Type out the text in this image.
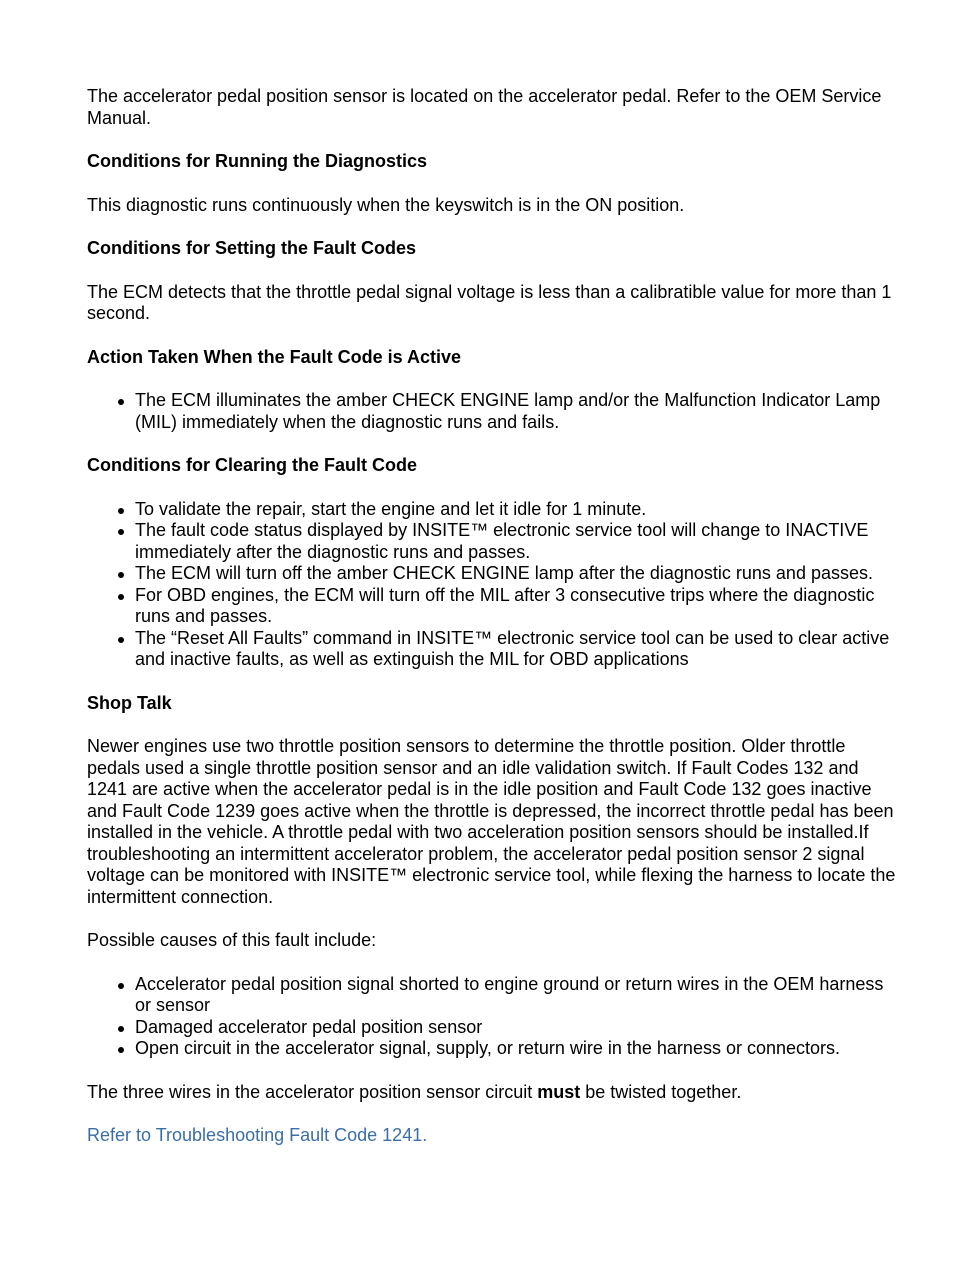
The accelerator pedal position sensor is located on the accelerator pedal. Refer to the OEM Service Manual.

Conditions for Running the Diagnostics

This diagnostic runs continuously when the keyswitch is in the ON position.

Conditions for Setting the Fault Codes

The ECM detects that the throttle pedal signal voltage is less than a calibratible value for more than 1 second.

Action Taken When the Fault Code is Active
The ECM illuminates the amber CHECK ENGINE lamp and/or the Malfunction Indicator Lamp (MIL) immediately when the diagnostic runs and fails.
Conditions for Clearing the Fault Code
To validate the repair, start the engine and let it idle for 1 minute.
The fault code status displayed by INSITE™ electronic service tool will change to INACTIVE immediately after the diagnostic runs and passes.
The ECM will turn off the amber CHECK ENGINE lamp after the diagnostic runs and passes.
For OBD engines, the ECM will turn off the MIL after 3 consecutive trips where the diagnostic runs and passes.
The “Reset All Faults” command in INSITE™ electronic service tool can be used to clear active and inactive faults, as well as extinguish the MIL for OBD applications
Shop Talk

Newer engines use two throttle position sensors to determine the throttle position. Older throttle pedals used a single throttle position sensor and an idle validation switch. If Fault Codes 132 and 1241 are active when the accelerator pedal is in the idle position and Fault Code 132 goes inactive and Fault Code 1239 goes active when the throttle is depressed, the incorrect throttle pedal has been installed in the vehicle. A throttle pedal with two acceleration position sensors should be installed.If troubleshooting an intermittent accelerator problem, the accelerator pedal position sensor 2 signal voltage can be monitored with INSITE™ electronic service tool, while flexing the harness to locate the intermittent connection.

Possible causes of this fault include:

Accelerator pedal position signal shorted to engine ground or return wires in the OEM harness or sensor
Damaged accelerator pedal position sensor
Open circuit in the accelerator signal, supply, or return wire in the harness or connectors.

The three wires in the accelerator position sensor circuit must be twisted together.

Refer to Troubleshooting Fault Code 1241.
